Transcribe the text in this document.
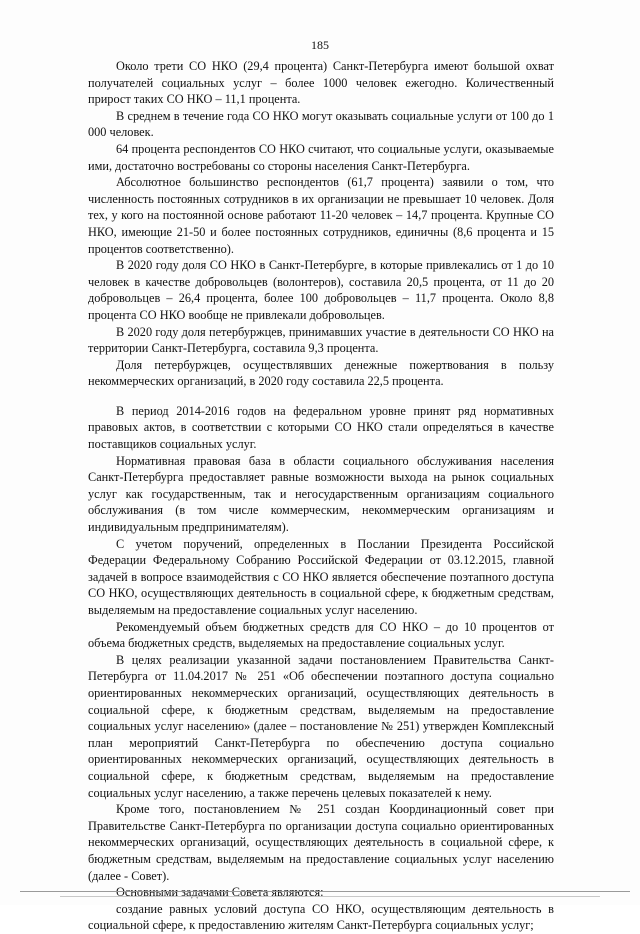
185

Около трети СО НКО (29,4 процента) Санкт-Петербурга имеют большой охват получателей социальных услуг – более 1000 человек ежегодно. Количественный прирост таких СО НКО – 11,1 процента.

В среднем в течение года СО НКО могут оказывать социальные услуги от 100 до 1 000 человек.

64 процента респондентов СО НКО считают, что социальные услуги, оказываемые ими, достаточно востребованы со стороны населения Санкт-Петербурга.

Абсолютное большинство респондентов (61,7 процента) заявили о том, что численность постоянных сотрудников в их организации не превышает 10 человек. Доля тех, у кого на постоянной основе работают 11-20 человек – 14,7 процента. Крупные СО НКО, имеющие 21-50 и более постоянных сотрудников, единичны (8,6 процента и 15 процентов соответственно).

В 2020 году доля СО НКО в Санкт-Петербурге, в которые привлекались от 1 до 10 человек в качестве добровольцев (волонтеров), составила 20,5 процента, от 11 до 20 добровольцев – 26,4 процента, более 100 добровольцев – 11,7 процента. Около 8,8 процента СО НКО вообще не привлекали добровольцев.

В 2020 году доля петербуржцев, принимавших участие в деятельности СО НКО на территории Санкт-Петербурга, составила 9,3 процента.

Доля петербуржцев, осуществлявших денежные пожертвования в пользу некоммерческих организаций, в 2020 году составила 22,5 процента.

В период 2014-2016 годов на федеральном уровне принят ряд нормативных правовых актов, в соответствии с которыми СО НКО стали определяться в качестве поставщиков социальных услуг.

Нормативная правовая база в области социального обслуживания населения Санкт-Петербурга предоставляет равные возможности выхода на рынок социальных услуг как государственным, так и негосударственным организациям социального обслуживания (в том числе коммерческим, некоммерческим организациям и индивидуальным предпринимателям).

С учетом поручений, определенных в Послании Президента Российской Федерации Федеральному Собранию Российской Федерации от 03.12.2015, главной задачей в вопросе взаимодействия с СО НКО является обеспечение поэтапного доступа СО НКО, осуществляющих деятельность в социальной сфере, к бюджетным средствам, выделяемым на предоставление социальных услуг населению.

Рекомендуемый объем бюджетных средств для СО НКО – до 10 процентов от объема бюджетных средств, выделяемых на предоставление социальных услуг.

В целях реализации указанной задачи постановлением Правительства Санкт-Петербурга от 11.04.2017 № 251 «Об обеспечении поэтапного доступа социально ориентированных некоммерческих организаций, осуществляющих деятельность в социальной сфере, к бюджетным средствам, выделяемым на предоставление социальных услуг населению» (далее – постановление № 251) утвержден Комплексный план мероприятий Санкт-Петербурга по обеспечению доступа социально ориентированных некоммерческих организаций, осуществляющих деятельность в социальной сфере, к бюджетным средствам, выделяемым на предоставление социальных услуг населению, а также перечень целевых показателей к нему.

Кроме того, постановлением № 251 создан Координационный совет при Правительстве Санкт-Петербурга по организации доступа социально ориентированных некоммерческих организаций, осуществляющих деятельность в социальной сфере, к бюджетным средствам, выделяемым на предоставление социальных услуг населению (далее - Совет).

Основными задачами Совета являются:

создание равных условий доступа СО НКО, осуществляющим деятельность в социальной сфере, к предоставлению жителям Санкт-Петербурга социальных услуг;
